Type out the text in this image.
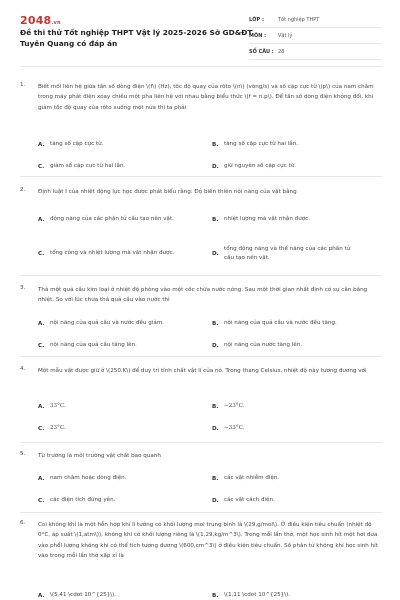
2048.vn
Đề thi thử Tốt nghiệp THPT Vật lý 2025-2026 Sở GD&ĐT Tuyên Quang có đáp án
LỚP :	Tốt nghiệp THPT
MÔN :	Vật lý
SỐ CÂU : 28
1. Biết mối liên hệ giữa tần số dòng điện \(f\) (Hz), tốc độ quay của rôto \(n\) (vòng/s) và số cặp cực từ \(p\) của nam châm trong máy phát điện xoay chiều một pha liên hệ với nhau bằng biểu thức \(f = n.p\). Để tần số dòng điện không đổi, khi giảm tốc độ quay của rôto xuống một nửa thì ta phải
A. tăng số cặp cực từ.	B.	tăng số cặp cực từ hai lần.
C.	giảm số cặp cực từ hai lần.	D. giữ nguyên số cặp cực từ.
2. Định luật I của nhiệt động lực học được phát biểu rằng: Độ biến thiên nội năng của vật bằng
A. động năng của các phân tử cấu tạo nên vật.	B.	nhiệt lượng mà vật nhận được.
C.	tổng công và nhiệt lượng mà vật nhận được.	D.
tổng động năng và thế năng của các phân tử cấu tạo nên vật.
3. Thả một quả cầu kim loại ở nhiệt độ phòng vào một cốc chứa nước nóng. Sau một thời gian nhất định có sự cân bằng nhiệt. So với lúc chưa thả quả cầu vào nước thì
A. nội năng của quả cầu và nước đều giảm.	B.	nội năng của quả cầu và nước đều tăng.
C.	nội năng của quả cầu tăng lên.	D. nội năng của nước tăng lên.
4. Một mẫu vật được giữ ở \(250,K\) để duy trì tính chất vật lí của nó. Trong thang Celsius, nhiệt độ này tương đương với
A. 33°C.	B.	−23°C.
C.	23°C.	D. −33°C.
5. Từ trường là môi trường vật chất bao quanh
A. nam châm hoặc dòng điện.	B.	các vật nhiễm điện.
C.	các điện tích đứng yên.	D. các vật cách điện.
6. Coi không khí là một hỗn hợp khí lí tưởng có khối lượng mol trung bình là \(29,g/mol\). Ở điều kiện tiêu chuẩn (nhiệt độ 0°C, áp suất \(1,atm\)), không khí có khối lượng riêng là \(1,29,kg/m^3\). Trong mỗi lần thở, một học sinh hít một hơi đưa vào phổi lượng không khí có thể tích tương đương \(600,cm^3\) ở điều kiện tiêu chuẩn. Số phân tử không khí học sinh hít vào trong mỗi lần thở xấp xỉ là
A. \(5,41 \cdot 10^{25}\).	B.	\(1,11 \cdot 10^{25}\).
